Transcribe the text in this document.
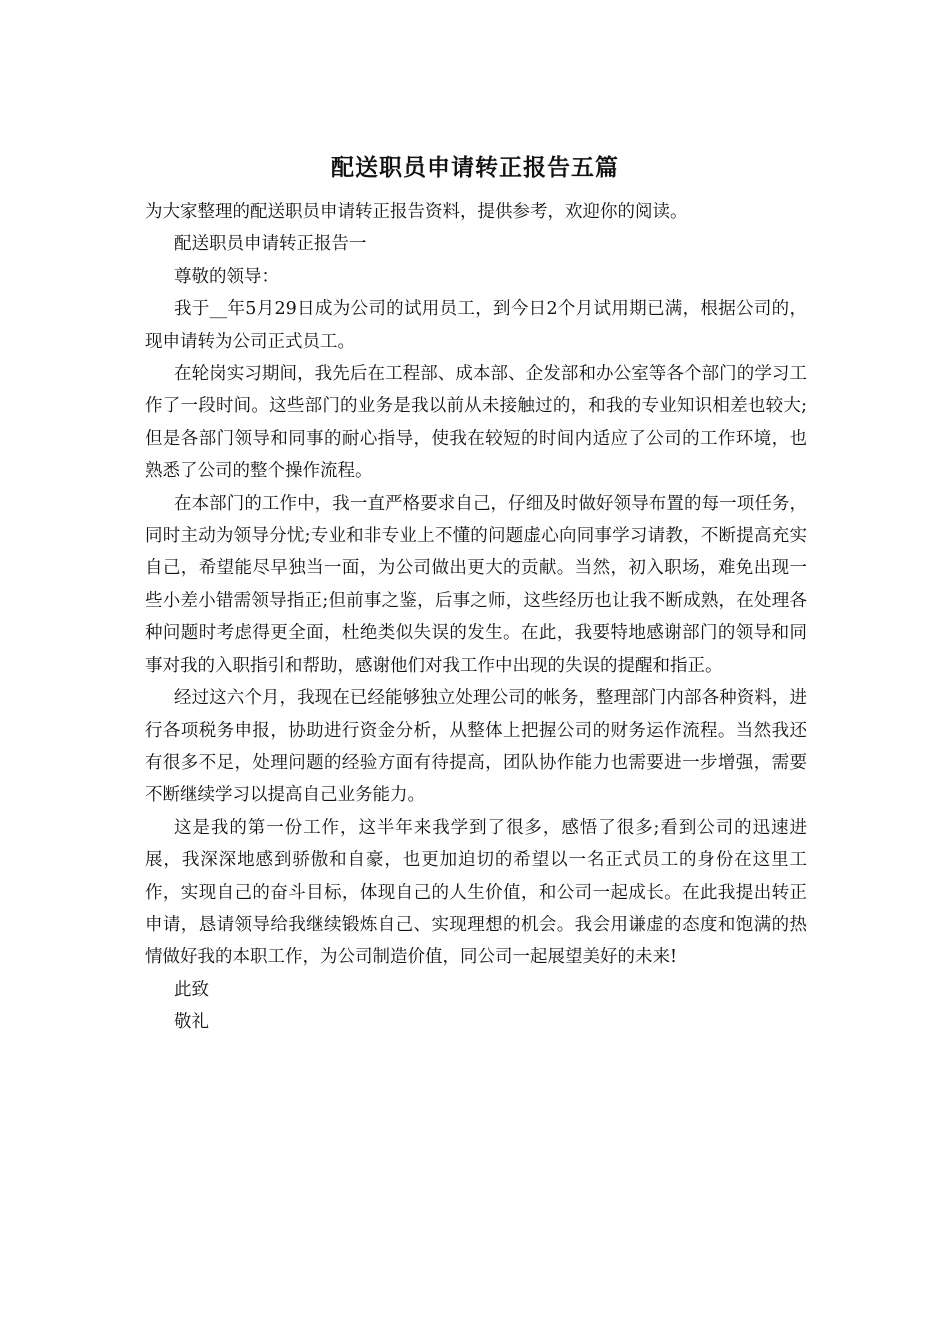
配送职员申请转正报告五篇

为大家整理的配送职员申请转正报告资料，提供参考，欢迎你的阅读。

配送职员申请转正报告一

尊敬的领导：

我于__年5月29日成为公司的试用员工，到今日2个月试用期已满，根据公司的，现申请转为公司正式员工。

在轮岗实习期间，我先后在工程部、成本部、企发部和办公室等各个部门的学习工作了一段时间。这些部门的业务是我以前从未接触过的，和我的专业知识相差也较大;但是各部门领导和同事的耐心指导，使我在较短的时间内适应了公司的工作环境，也熟悉了公司的整个操作流程。

在本部门的工作中，我一直严格要求自己，仔细及时做好领导布置的每一项任务，同时主动为领导分忧;专业和非专业上不懂的问题虚心向同事学习请教，不断提高充实自己，希望能尽早独当一面，为公司做出更大的贡献。当然，初入职场，难免出现一些小差小错需领导指正;但前事之鉴，后事之师，这些经历也让我不断成熟，在处理各种问题时考虑得更全面，杜绝类似失误的发生。在此，我要特地感谢部门的领导和同事对我的入职指引和帮助，感谢他们对我工作中出现的失误的提醒和指正。

经过这六个月，我现在已经能够独立处理公司的帐务，整理部门内部各种资料，进行各项税务申报，协助进行资金分析，从整体上把握公司的财务运作流程。当然我还有很多不足，处理问题的经验方面有待提高，团队协作能力也需要进一步增强，需要不断继续学习以提高自己业务能力。

这是我的第一份工作，这半年来我学到了很多，感悟了很多;看到公司的迅速进展，我深深地感到骄傲和自豪，也更加迫切的希望以一名正式员工的身份在这里工作，实现自己的奋斗目标，体现自己的人生价值，和公司一起成长。在此我提出转正申请，恳请领导给我继续锻炼自己、实现理想的机会。我会用谦虚的态度和饱满的热情做好我的本职工作，为公司制造价值，同公司一起展望美好的未来!

此致

敬礼
